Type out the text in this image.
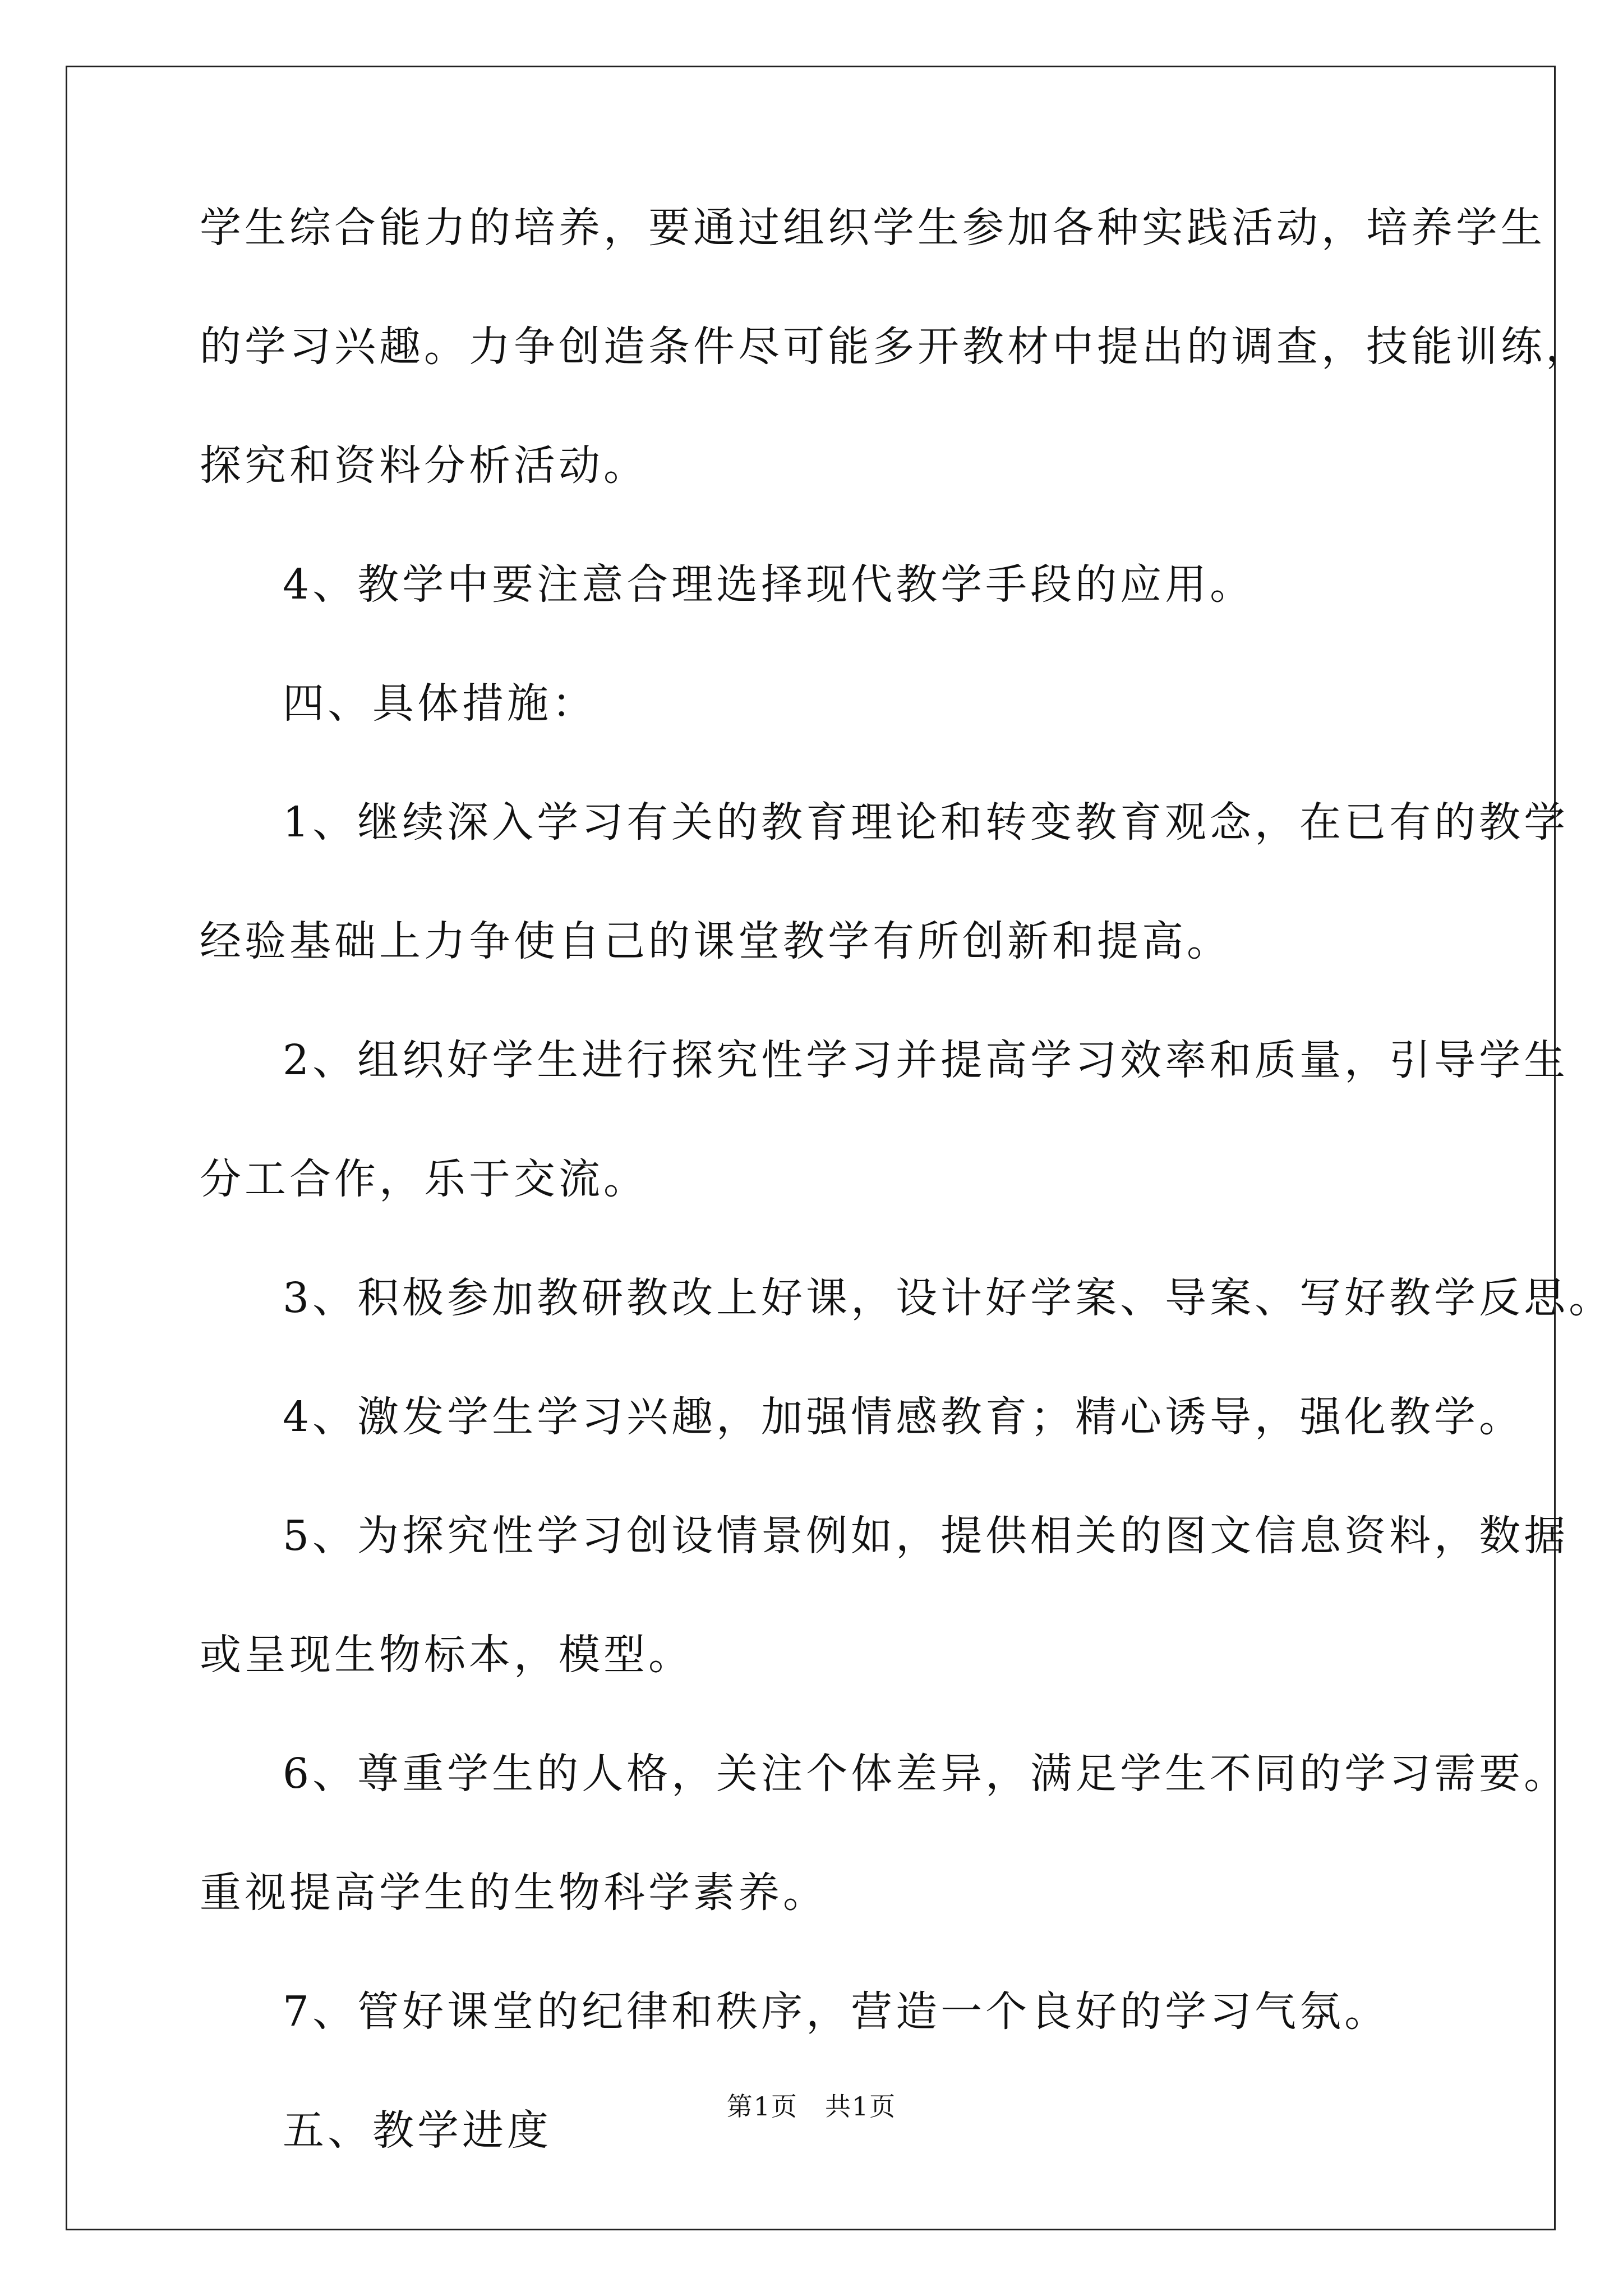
学生综合能力的培养，要通过组织学生参加各种实践活动，培养学生

的学习兴趣。力争创造条件尽可能多开教材中提出的调查，技能训练，

探究和资料分析活动。

4、教学中要注意合理选择现代教学手段的应用。

四、具体措施：

1、继续深入学习有关的教育理论和转变教育观念，在已有的教学

经验基础上力争使自己的课堂教学有所创新和提高。

2、组织好学生进行探究性学习并提高学习效率和质量，引导学生

分工合作，乐于交流。

3、积极参加教研教改上好课，设计好学案、导案、写好教学反思。

4、激发学生学习兴趣，加强情感教育；精心诱导，强化教学。

5、为探究性学习创设情景例如，提供相关的图文信息资料，数据

或呈现生物标本，模型。

6、尊重学生的人格，关注个体差异，满足学生不同的学习需要。

重视提高学生的生物科学素养。

7、管好课堂的纪律和秩序，营造一个良好的学习气氛。

五、教学进度	第1页　共1页
